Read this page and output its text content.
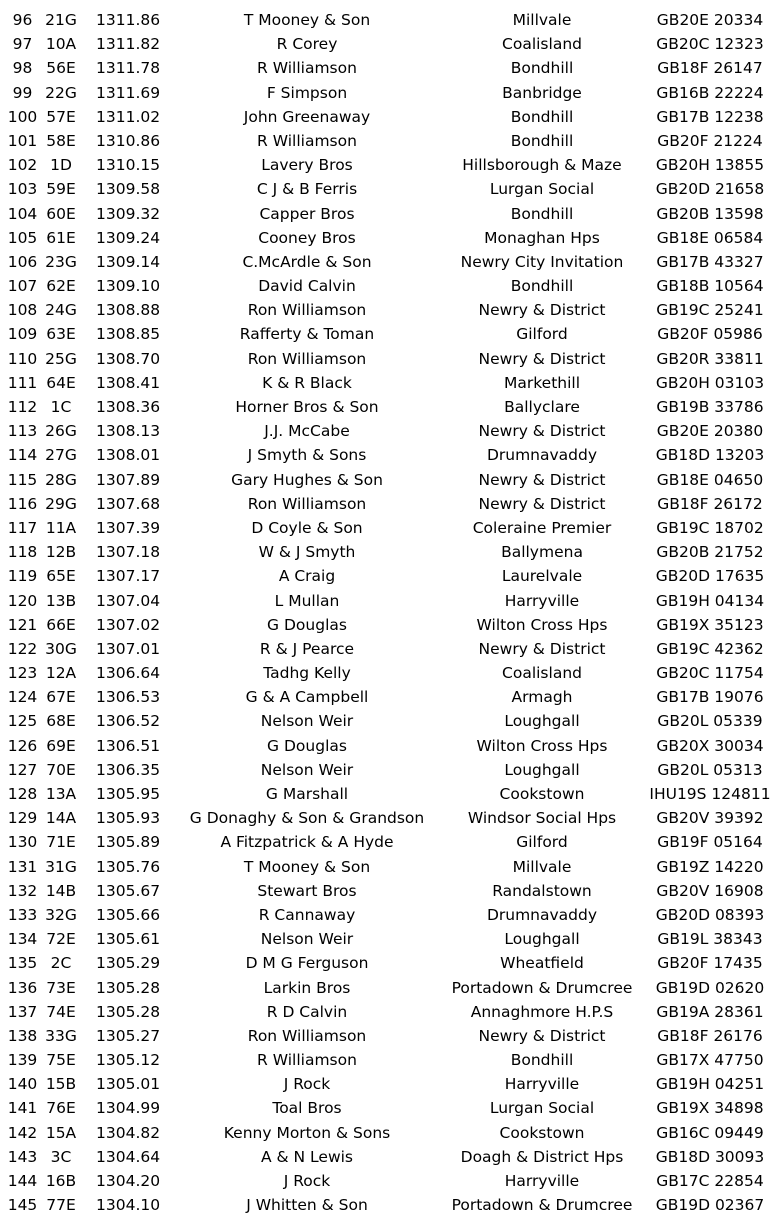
96 21G	1311.86	T Mooney & Son	Millvale	GB20E 20334
97 10A	1311.82	R Corey	Coalisland	GB20C 12323
98 56E	1311.78	R Williamson	Bondhill	GB18F 26147
99 22G	1311.69	F Simpson	Banbridge	GB16B 22224
100 57E	1311.02	John Greenaway	Bondhill	GB17B 12238
101 58E	1310.86	R Williamson	Bondhill	GB20F 21224
102 1D	1310.15	Lavery Bros	Hillsborough & Maze	GB20H 13855
103 59E	1309.58	C J & B Ferris	Lurgan Social	GB20D 21658
104 60E	1309.32	Capper Bros	Bondhill	GB20B 13598
105 61E	1309.24	Cooney Bros	Monaghan Hps	GB18E 06584
106 23G	1309.14	C.McArdle & Son	Newry City Invitation	GB17B 43327
107 62E	1309.10	David Calvin	Bondhill	GB18B 10564
108 24G	1308.88	Ron Williamson	Newry & District	GB19C 25241
109 63E	1308.85	Rafferty & Toman	Gilford	GB20F 05986
110 25G	1308.70	Ron Williamson	Newry & District	GB20R 33811
111 64E	1308.41	K & R Black	Markethill	GB20H 03103
112 1C	1308.36	Horner Bros & Son	Ballyclare	GB19B 33786
113 26G	1308.13	J.J. McCabe	Newry & District	GB20E 20380
114 27G	1308.01	J Smyth & Sons	Drumnavaddy	GB18D 13203
115 28G	1307.89	Gary Hughes & Son	Newry & District	GB18E 04650
116 29G	1307.68	Ron Williamson	Newry & District	GB18F 26172
117 11A	1307.39	D Coyle & Son	Coleraine Premier	GB19C 18702
118 12B	1307.18	W & J Smyth	Ballymena	GB20B 21752
119 65E	1307.17	A Craig	Laurelvale	GB20D 17635
120 13B	1307.04	L Mullan	Harryville	GB19H 04134
121 66E	1307.02	G Douglas	Wilton Cross Hps	GB19X 35123
122 30G	1307.01	R & J Pearce	Newry & District	GB19C 42362
123 12A	1306.64	Tadhg Kelly	Coalisland	GB20C 11754
124 67E	1306.53	G & A Campbell	Armagh	GB17B 19076
125 68E	1306.52	Nelson Weir	Loughgall	GB20L 05339
126 69E	1306.51	G Douglas	Wilton Cross Hps	GB20X 30034
127 70E	1306.35	Nelson Weir	Loughgall	GB20L 05313
128 13A	1305.95	G Marshall	Cookstown	IHU19S 124811
129 14A	1305.93	G Donaghy & Son & Grandson	Windsor Social Hps	GB20V 39392
130 71E	1305.89	A Fitzpatrick & A Hyde	Gilford	GB19F 05164
131 31G	1305.76	T Mooney & Son	Millvale	GB19Z 14220
132 14B	1305.67	Stewart Bros	Randalstown	GB20V 16908
133 32G	1305.66	R Cannaway	Drumnavaddy	GB20D 08393
134 72E	1305.61	Nelson Weir	Loughgall	GB19L 38343
135 2C	1305.29	D M G Ferguson	Wheatfield	GB20F 17435
136 73E	1305.28	Larkin Bros	Portadown & Drumcree	GB19D 02620
137 74E	1305.28	R D Calvin	Annaghmore H.P.S	GB19A 28361
138 33G	1305.27	Ron Williamson	Newry & District	GB18F 26176
139 75E	1305.12	R Williamson	Bondhill	GB17X 47750
140 15B	1305.01	J Rock	Harryville	GB19H 04251
141 76E	1304.99	Toal Bros	Lurgan Social	GB19X 34898
142 15A	1304.82	Kenny Morton & Sons	Cookstown	GB16C 09449
143 3C	1304.64	A & N Lewis	Doagh & District Hps	GB18D 30093
144 16B	1304.20	J Rock	Harryville	GB17C 22854
145 77E	1304.10	J Whitten & Son	Portadown & Drumcree	GB19D 02367
